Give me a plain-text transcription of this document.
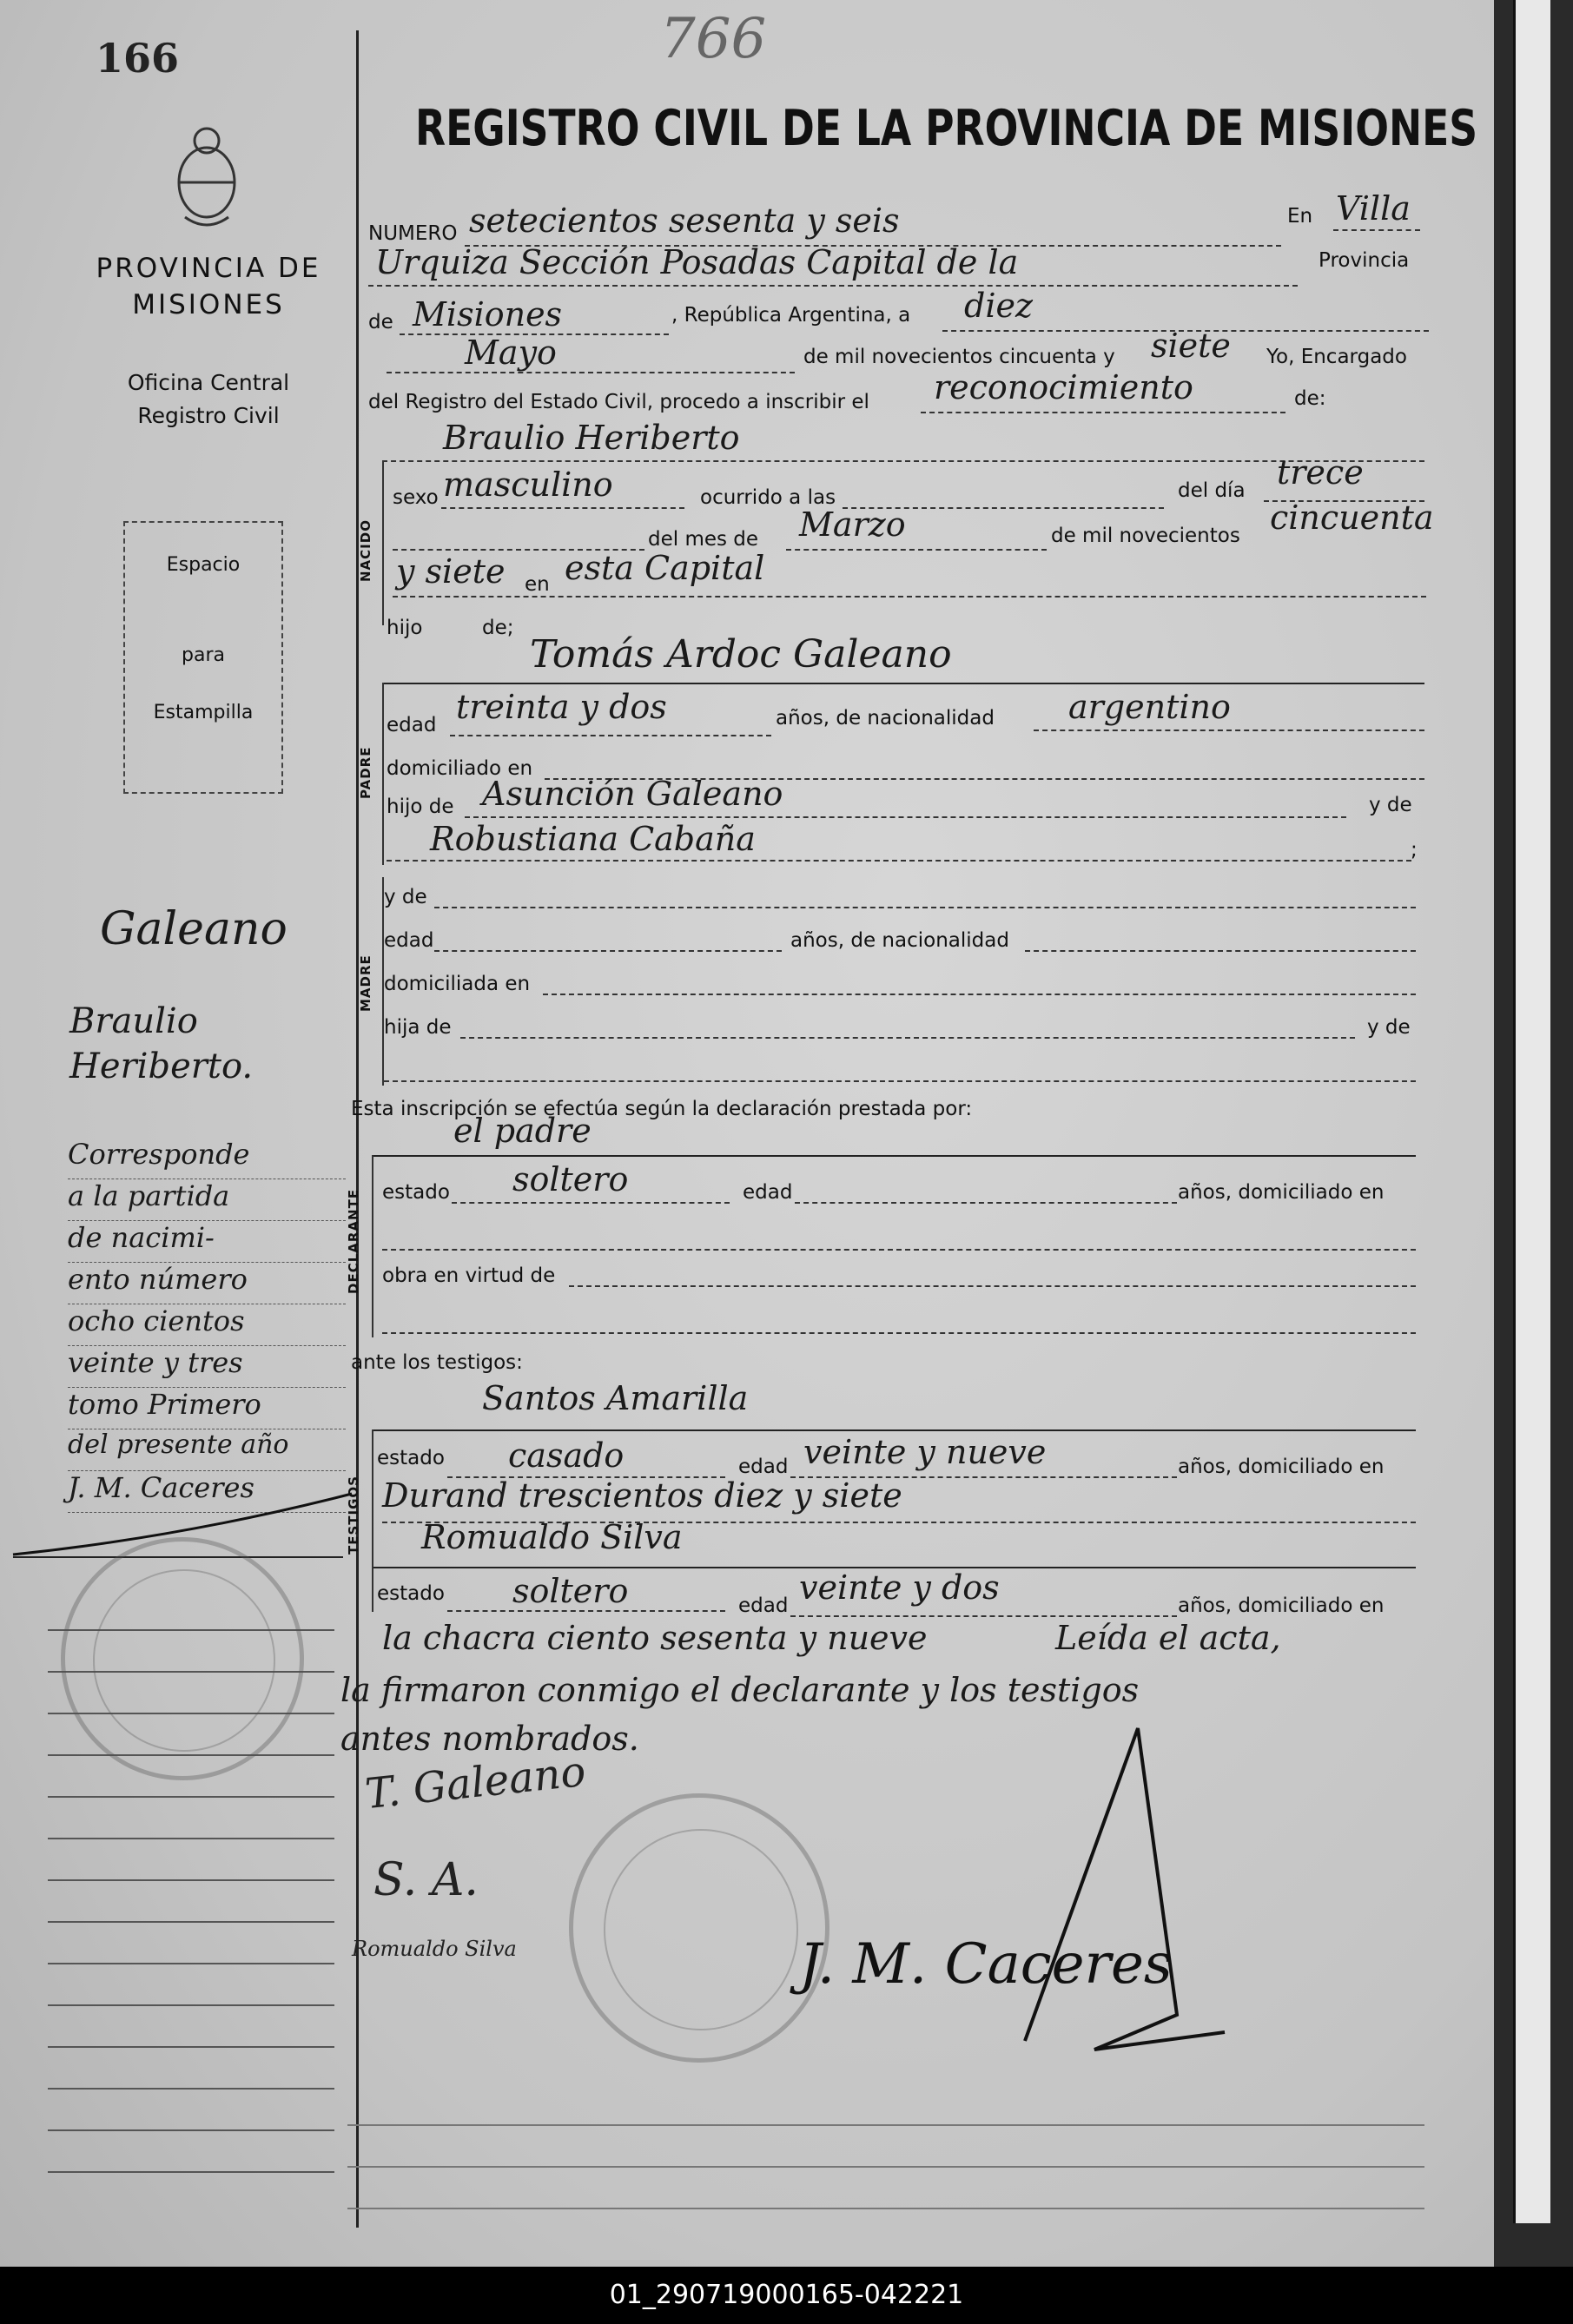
166	766
PROVINCIA DE MISIONES
Oficina Central Registro Civil
Espacio
para
Estampilla
Galeano
Braulio Heriberto.
Corresponde
a la partida
de nacimi-
ento número
ocho cientos
veinte y tres
tomo Primero
del presente año
J. M. Caceres
REGISTRO CIVIL DE LA PROVINCIA DE MISIONES
NUMERO setecientos sesenta y seis	En Villa
Urquiza Sección Posadas Capital de la	Provincia
de Misiones	, República Argentina, a diez
Mayo	de mil novecientos cincuenta y siete Yo, Encargado
del Registro del Estado Civil, procedo a inscribir el reconocimiento	de:
Braulio Heriberto
NACIDO
sexo masculino	ocurrido a las	del día trece
del mes de Marzo	de mil novecientos cincuenta
y siete en esta Capital
hijo	de;
Tomás Ardoc Galeano
PADRE
edad treinta y dos	años, de nacionalidad argentino
domiciliado en
hijo de Asunción Galeano	y de
Robustiana Cabaña	;
MADRE
y de
edad	años, de nacionalidad
domiciliada en
hija de	y de
Esta inscripción se efectúa según la declaración prestada por:
el padre
DECLARANTE estado soltero	edad	años, domiciliado en
obra en virtud de
ante los testigos:
Santos Amarilla
TESTIGOS
estado casado	edad veinte y nueve	años, domiciliado en
Durand trescientos diez y siete
Romualdo Silva
estado soltero	edad veinte y dos	años, domiciliado en
la chacra ciento sesenta y nueve	Leída el acta,
la firmaron conmigo el declarante y los testigos
antes nombrados.
T. Galeano
S. A.
Romualdo Silva	J. M. Caceres
01_290719000165-042221
